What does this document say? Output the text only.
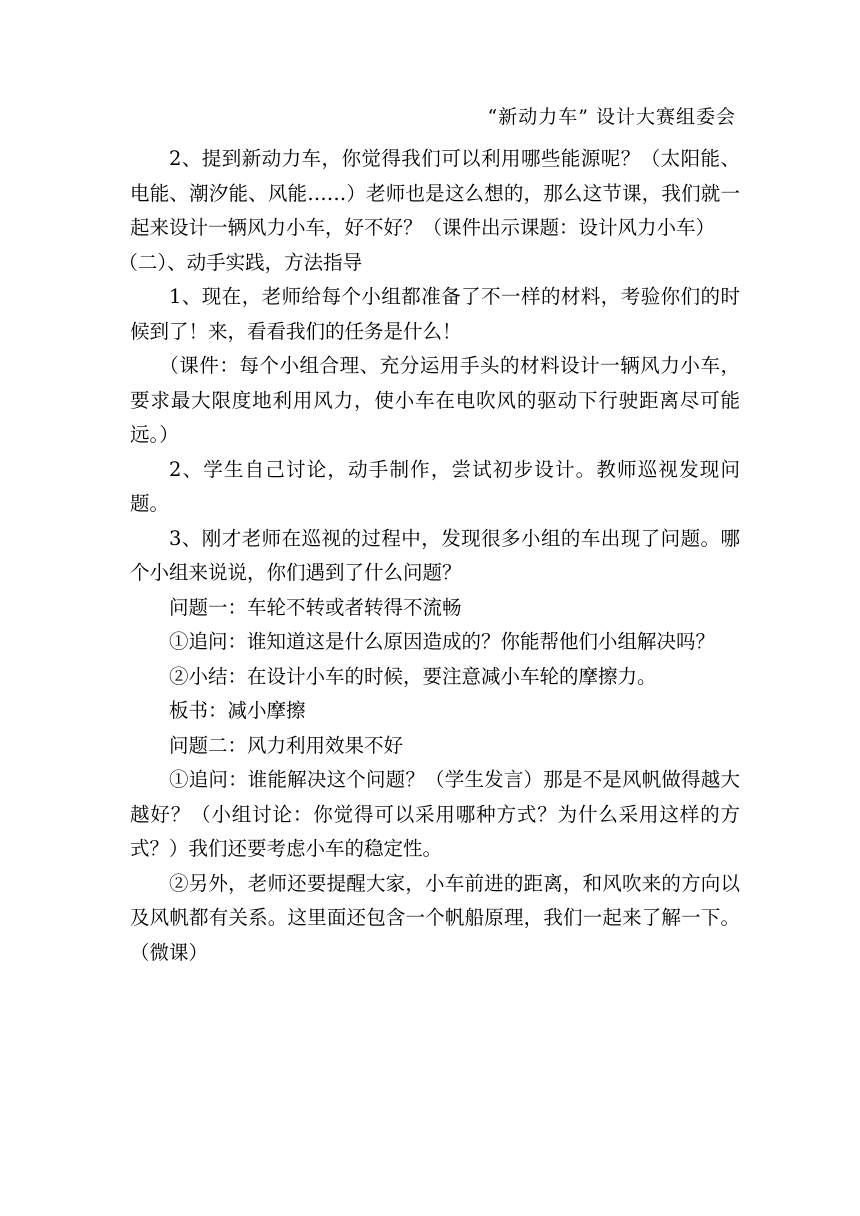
“新动力车” 设计大赛组委会

2、提到新动力车，你觉得我们可以利用哪些能源呢？（太阳能、电能、潮汐能、风能……）老师也是这么想的，那么这节课，我们就一起来设计一辆风力小车，好不好？（课件出示课题：设计风力小车）

（二）、动手实践，方法指导

1、现在，老师给每个小组都准备了不一样的材料，考验你们的时候到了！来，看看我们的任务是什么！

（课件：每个小组合理、充分运用手头的材料设计一辆风力小车，要求最大限度地利用风力，使小车在电吹风的驱动下行驶距离尽可能远。）

2、学生自己讨论，动手制作，尝试初步设计。教师巡视发现问题。

3、刚才老师在巡视的过程中，发现很多小组的车出现了问题。哪个小组来说说，你们遇到了什么问题？

问题一：车轮不转或者转得不流畅

①追问：谁知道这是什么原因造成的？你能帮他们小组解决吗？

②小结：在设计小车的时候，要注意减小车轮的摩擦力。

板书：减小摩擦

问题二：风力利用效果不好

①追问：谁能解决这个问题？（学生发言）那是不是风帆做得越大越好？（小组讨论：你觉得可以采用哪种方式？为什么采用这样的方式？）我们还要考虑小车的稳定性。

②另外，老师还要提醒大家，小车前进的距离，和风吹来的方向以及风帆都有关系。这里面还包含一个帆船原理，我们一起来了解一下。（微课）
